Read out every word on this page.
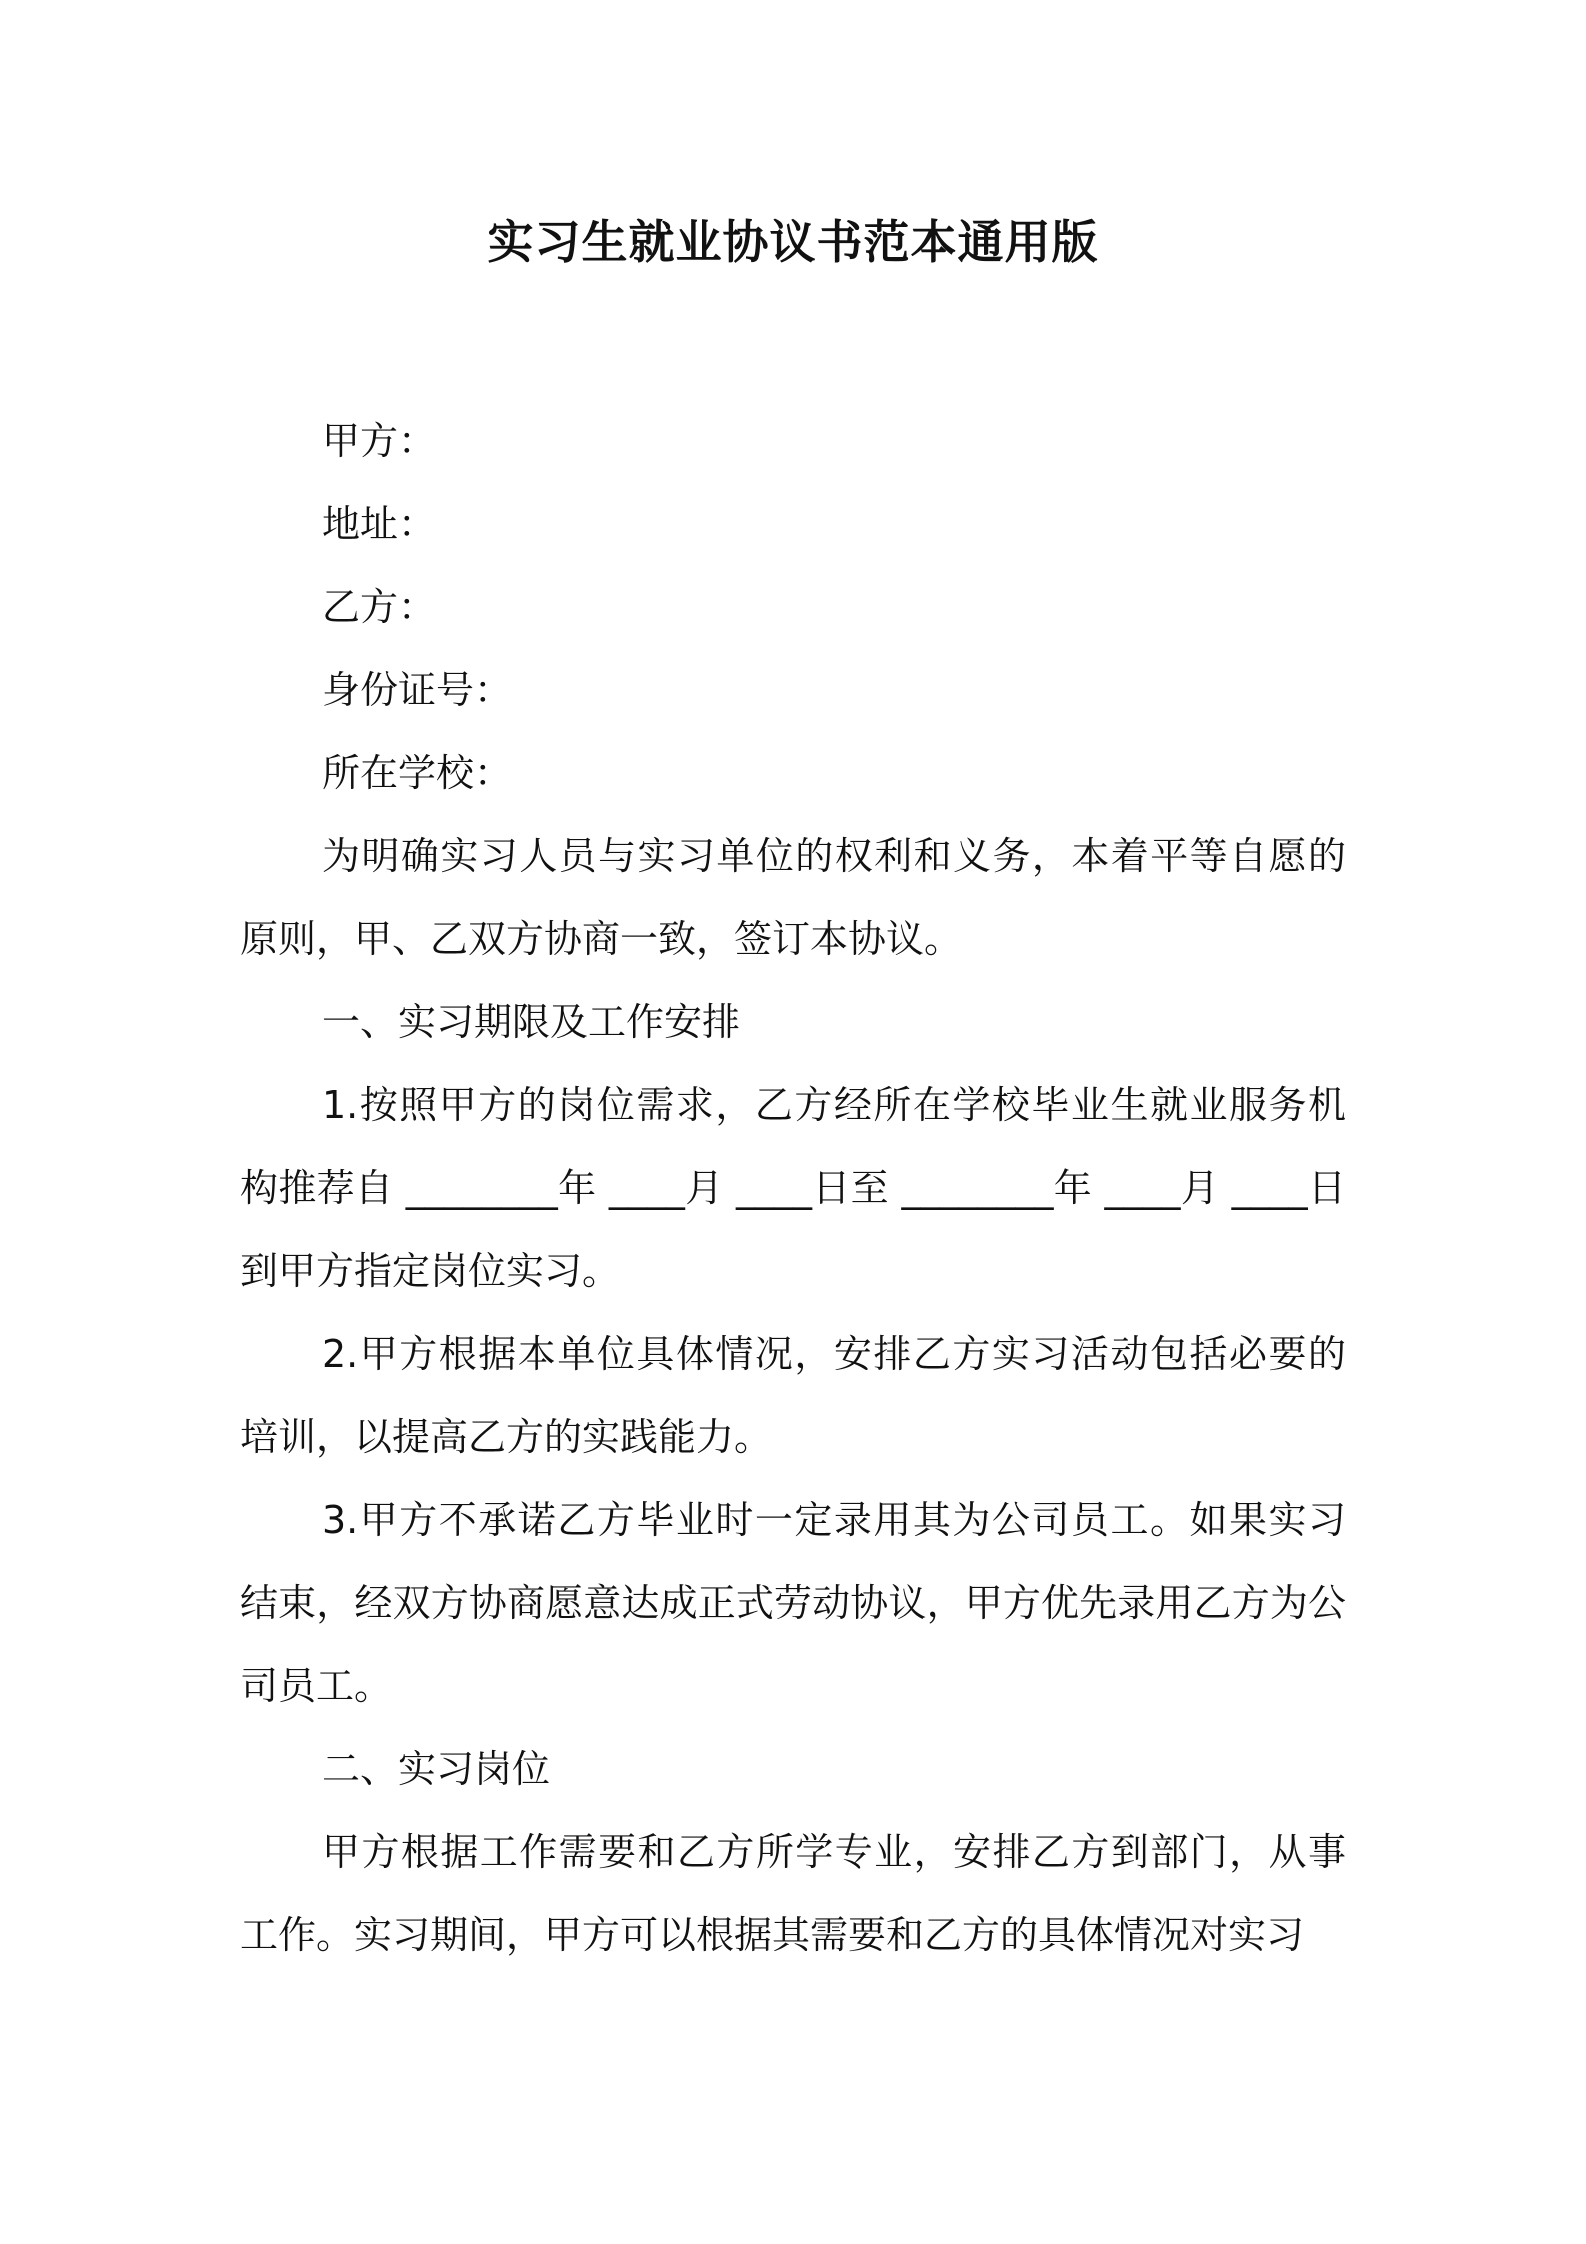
实习生就业协议书范本通用版

甲方：

地址：

乙方：

身份证号：

所在学校：

为明确实习人员与实习单位的权利和义务，本着平等自愿的原则，甲、乙双方协商一致，签订本协议。

一、实习期限及工作安排

1.按照甲方的岗位需求，乙方经所在学校毕业生就业服务机构推荐自 ________年 ____月 ____日至 ________年 ____月 ____日到甲方指定岗位实习。

2.甲方根据本单位具体情况，安排乙方实习活动包括必要的培训，以提高乙方的实践能力。

3.甲方不承诺乙方毕业时一定录用其为公司员工。如果实习结束，经双方协商愿意达成正式劳动协议，甲方优先录用乙方为公司员工。

二、实习岗位

甲方根据工作需要和乙方所学专业，安排乙方到部门，从事工作。实习期间，甲方可以根据其需要和乙方的具体情况对实习
